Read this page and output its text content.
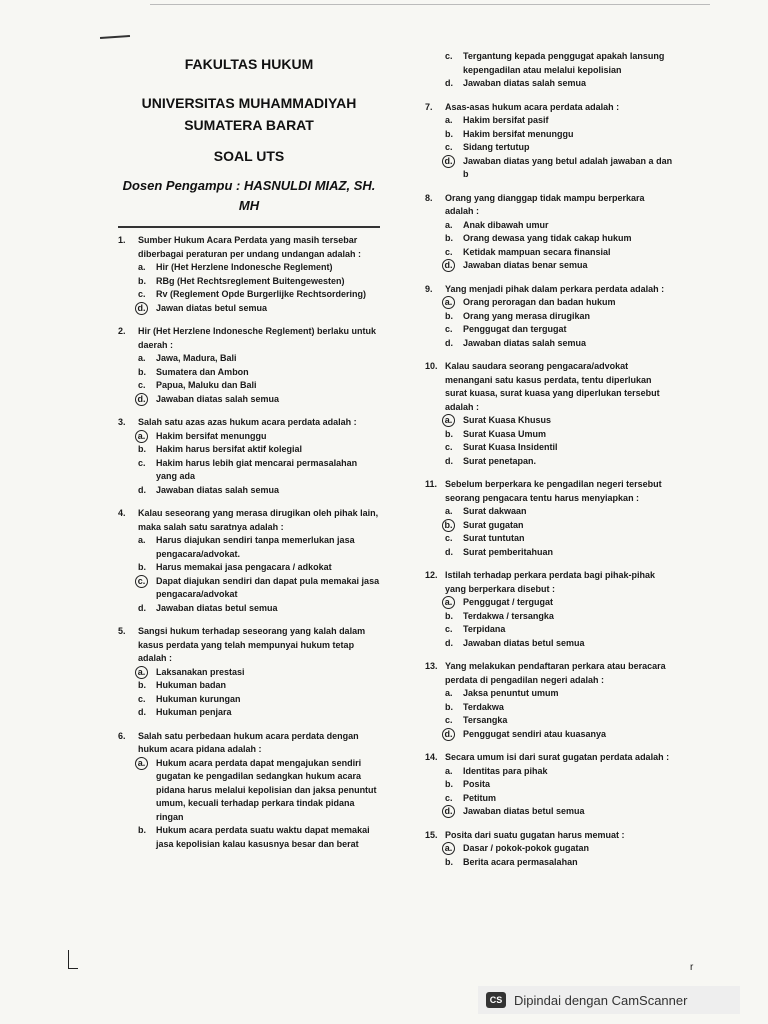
FAKULTAS HUKUM
UNIVERSITAS MUHAMMADIYAH
SUMATERA BARAT
SOAL UTS
Dosen Pengampu : HASNULDI MIAZ, SH.
MH
1.	Sumber Hukum Acara Perdata yang masih tersebar diberbagai peraturan per undang undangan adalah :
a.	Hir (Het Herzlene Indonesche Reglement)
b.	RBg (Het Rechtsreglement Buitengewesten)
c.	Rv (Reglement Opde Burgerlijke Rechtsordering)
d.	Jawan diatas betul semua
2.	Hir (Het Herzlene Indonesche Reglement) berlaku untuk daerah :
a.	Jawa, Madura, Bali
b.	Sumatera dan Ambon
c.	Papua, Maluku dan Bali
d.	Jawaban diatas salah semua
3.	Salah satu azas azas hukum acara perdata adalah :
a.	Hakim bersifat menunggu
b.	Hakim harus bersifat aktif kolegial
c.	Hakim harus lebih giat mencarai permasalahan yang ada
d.	Jawaban diatas salah semua
4.	Kalau seseorang yang merasa dirugikan oleh pihak lain, maka salah satu saratnya adalah :
a.	Harus diajukan sendiri tanpa memerlukan jasa pengacara/advokat.
b.	Harus memakai jasa pengacara / adkokat
c.	Dapat diajukan sendiri dan dapat pula memakai jasa pengacara/advokat
d.	Jawaban diatas betul semua
5.	Sangsi hukum terhadap seseorang yang kalah dalam kasus perdata yang telah mempunyai hukum tetap adalah :
a.	Laksanakan prestasi
b.	Hukuman badan
c.	Hukuman kurungan
d.	Hukuman penjara
6.	Salah satu perbedaan hukum acara perdata dengan hukum acara pidana adalah :
a.	Hukum acara perdata dapat mengajukan sendiri gugatan ke pengadilan sedangkan hukum acara pidana harus melalui kepolisian dan jaksa penuntut umum, kecuali terhadap perkara tindak pidana ringan
b.	Hukum acara perdata suatu waktu dapat memakai jasa kepolisian kalau kasusnya besar dan berat
c.	Tergantung kepada penggugat apakah lansung kepengadilan atau melalui kepolisian
d.	Jawaban diatas salah semua
7.	Asas-asas hukum acara perdata adalah :
a.	Hakim bersifat pasif
b.	Hakim bersifat menunggu
c.	Sidang tertutup
d.	Jawaban diatas yang betul adalah jawaban a dan b
8.	Orang yang dianggap tidak mampu berperkara adalah :
a.	Anak dibawah umur
b.	Orang dewasa yang tidak cakap hukum
c.	Ketidak mampuan secara finansial
d.	Jawaban diatas benar semua
9.	Yang menjadi pihak dalam perkara perdata adalah :
a.	Orang peroragan dan badan hukum
b.	Orang yang merasa dirugikan
c.	Penggugat dan tergugat
d.	Jawaban diatas salah semua
10. Kalau saudara seorang pengacara/advokat menangani satu kasus perdata, tentu diperlukan surat kuasa, surat kuasa yang diperlukan tersebut adalah :
a.	Surat Kuasa Khusus
b.	Surat Kuasa Umum
c.	Surat Kuasa Insidentil
d.	Surat penetapan.
11. Sebelum berperkara ke pengadilan negeri tersebut seorang pengacara tentu harus menyiapkan :
a.	Surat dakwaan
b.	Surat gugatan
c.	Surat tuntutan
d.	Surat pemberitahuan
12. Istilah terhadap perkara perdata bagi pihak-pihak yang berperkara disebut :
a.	Penggugat / tergugat
b.	Terdakwa / tersangka
c.	Terpidana
d.	Jawaban diatas betul semua
13. Yang melakukan pendaftaran perkara atau beracara perdata di pengadilan negeri adalah :
a.	Jaksa penuntut umum
b.	Terdakwa
c.	Tersangka
d.	Penggugat sendiri atau kuasanya
14. Secara umum isi dari surat gugatan perdata adalah :
a.	Identitas para pihak
b.	Posita
c.	Petitum
d.	Jawaban diatas betul semua
15. Posita dari suatu gugatan harus memuat :
a.	Dasar / pokok-pokok gugatan
b.	Berita acara permasalahan
r
CS Dipindai dengan CamScanner
